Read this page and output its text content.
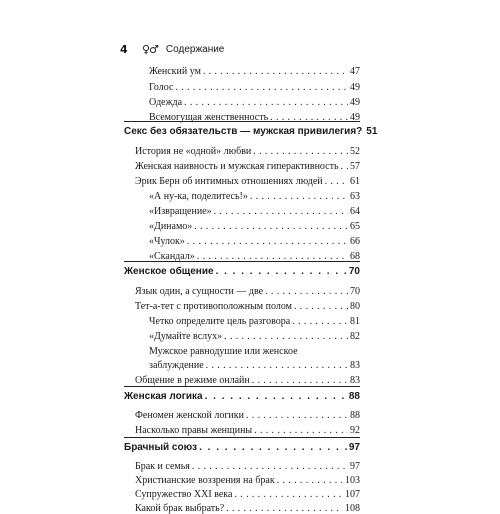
4	♀♂ Содержание
Женский ум . . .	47
Голос . . .	49
Одежда . . .	49
Всемогущая женственность . . .	49
Секс без обязательств — мужская привилегия? 51
История не «одной» любви . . .	52
Женская наивность и мужская гиперактивность . . . 57
Эрик Берн об интимных отношениях людей . . .	61
«А ну-ка, поделитесь!» . . .	63
«Извращение» . . .	64
«Динамо» . . .	65
«Чулок» . . .	66
«Скандал» . . .	68
Женское общение . . .	70
Язык один, а сущности — две . . .	70
Тет-а-тет с противоположным полом . . .	80
Четко определите цель разговора . . .	81
«Думайте вслух» . . .	82
Мужское равнодушие или женское
заблуждение . . .	83
Общение в режиме онлайн . . .	83
Женская логика . . .	88
Феномен женской логики . . .	88
Насколько правы женщины . . .	92
Брачный союз . . .	97
Брак и семья . . .	97
Христианские воззрения на брак . . .	103
Супружество XXI века . . .	107
Какой брак выбрать? . . .	108
